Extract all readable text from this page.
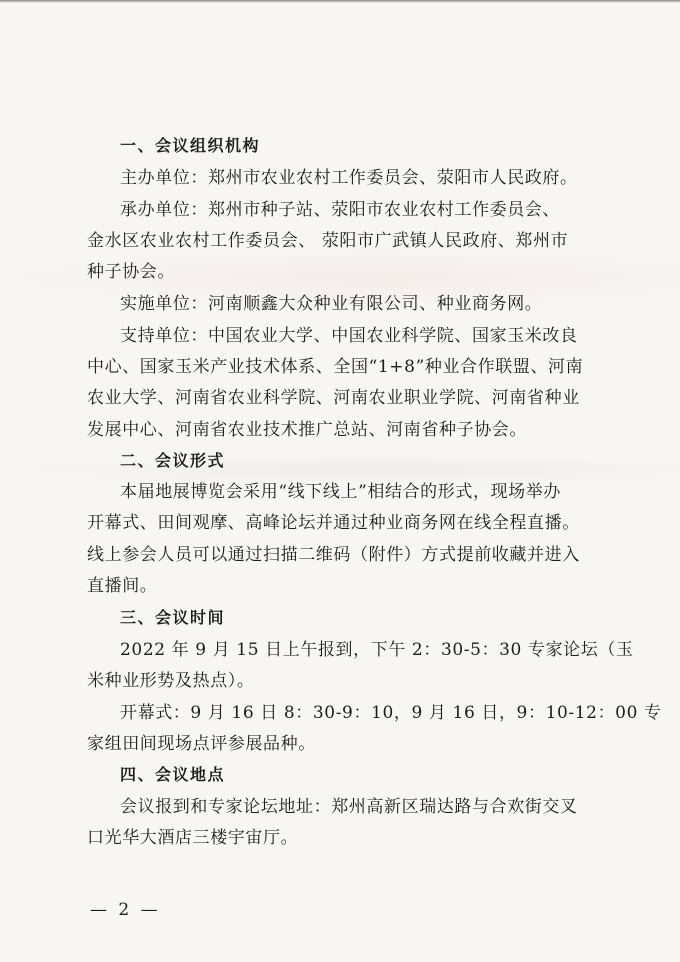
一、会议组织机构
主办单位：郑州市农业农村工作委员会、荥阳市人民政府。
承办单位：郑州市种子站、荥阳市农业农村工作委员会、
金水区农业农村工作委员会、 荥阳市广武镇人民政府、郑州市
种子协会。
实施单位：河南顺鑫大众种业有限公司、种业商务网。
支持单位：中国农业大学、中国农业科学院、国家玉米改良
中心、国家玉米产业技术体系、全国“1+8”种业合作联盟、河南
农业大学、河南省农业科学院、河南农业职业学院、河南省种业
发展中心、河南省农业技术推广总站、河南省种子协会。
二、会议形式
本届地展博览会采用“线下线上”相结合的形式，现场举办
开幕式、田间观摩、高峰论坛并通过种业商务网在线全程直播。
线上参会人员可以通过扫描二维码（附件）方式提前收藏并进入
直播间。
三、会议时间
2022 年 9 月 15 日上午报到，下午 2：30-5：30 专家论坛（玉
米种业形势及热点）。
开幕式：9 月 16 日 8：30-9：10，9 月 16 日，9：10-12：00 专
家组田间现场点评参展品种。
四、会议地点
会议报到和专家论坛地址：郑州高新区瑞达路与合欢街交叉
口光华大酒店三楼宇宙厅。
— 2 —
